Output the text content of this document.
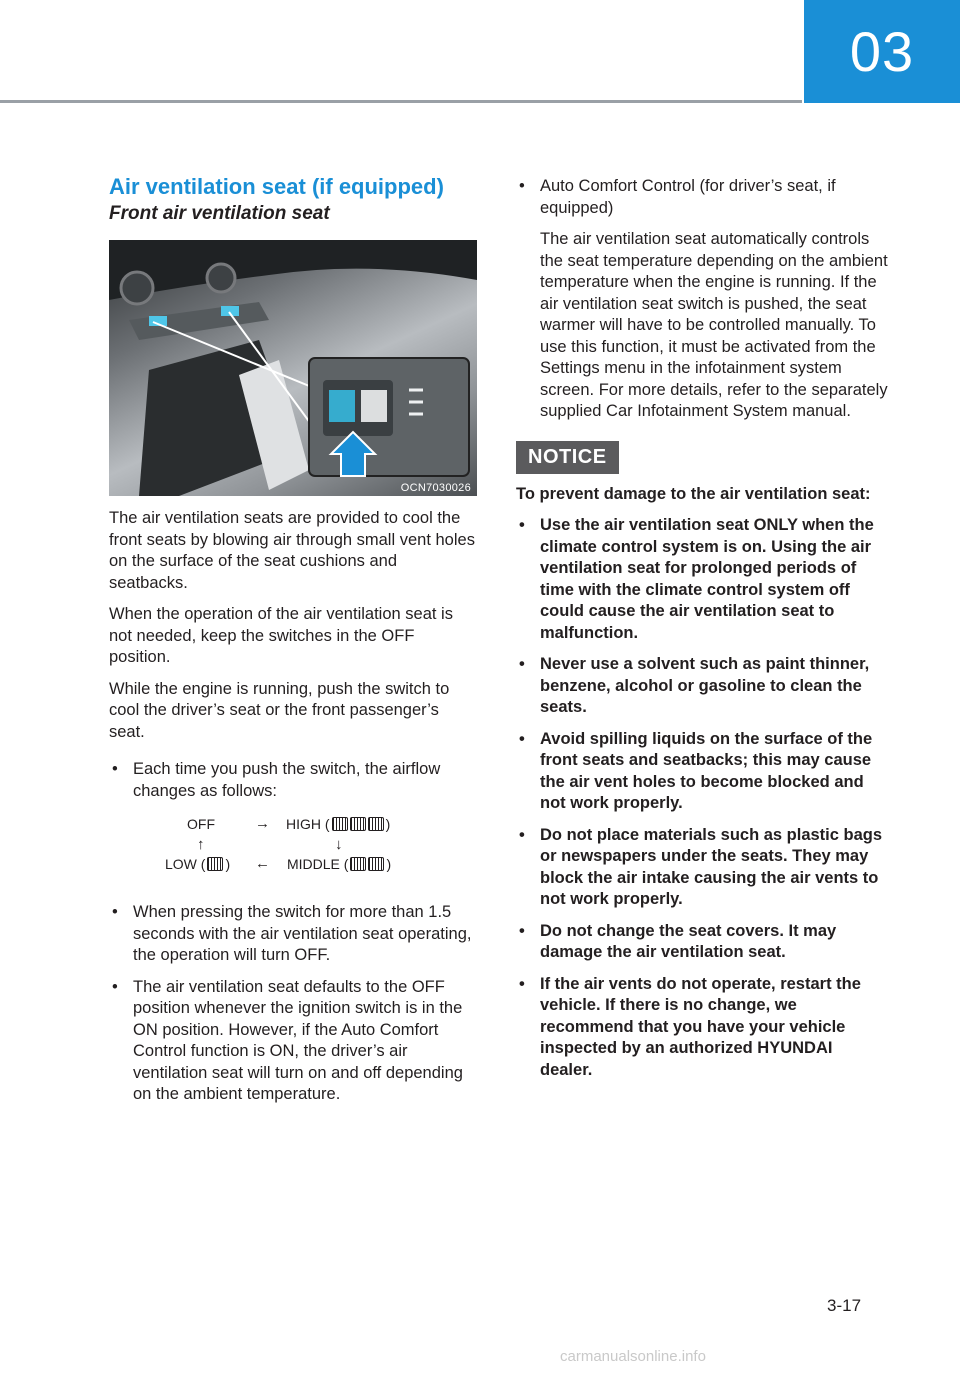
03
Air ventilation seat (if equipped)
Front air ventilation seat
OCN7030026

The air ventilation seats are provided to cool the front seats by blowing air through small vent holes on the surface of the seat cushions and seatbacks.

When the operation of the air ventilation seat is not needed, keep the switches in the OFF position.

While the engine is running, push the switch to cool the driver’s seat or the front passenger’s seat.

• Each time you push the switch, the airflow changes as follows:
OFF	→ HIGH (	)
↑	↓
LOW ( ) ← MIDDLE (	)
• When pressing the switch for more than 1.5 seconds with the air ventilation seat operating, the operation will turn OFF.
• The air ventilation seat defaults to the OFF position whenever the ignition switch is in the ON position. However, if the Auto Comfort Control function is ON, the driver’s air ventilation seat will turn on and off depending on the ambient temperature.
• Auto Comfort Control (for driver’s seat, if equipped)
The air ventilation seat automatically controls the seat temperature depending on the ambient temperature when the engine is running. If the air ventilation seat switch is pushed, the seat warmer will have to be controlled manually. To use this function, it must be activated from the Settings menu in the infotainment system screen. For more details, refer to the separately supplied Car Infotainment System manual.
NOTICE

To prevent damage to the air ventilation seat:

• Use the air ventilation seat ONLY when the climate control system is on. Using the air ventilation seat for prolonged periods of time with the climate control system off could cause the air ventilation seat to malfunction.
• Never use a solvent such as paint thinner, benzene, alcohol or gasoline to clean the seats.
• Avoid spilling liquids on the surface of the front seats and seatbacks; this may cause the air vent holes to become blocked and not work properly.
• Do not place materials such as plastic bags or newspapers under the seats. They may block the air intake causing the air vents to not work properly.
• Do not change the seat covers. It may damage the air ventilation seat.
• If the air vents do not operate, restart the vehicle. If there is no change, we recommend that you have your vehicle inspected by an authorized HYUNDAI dealer.
3-17
carmanualsonline.info
